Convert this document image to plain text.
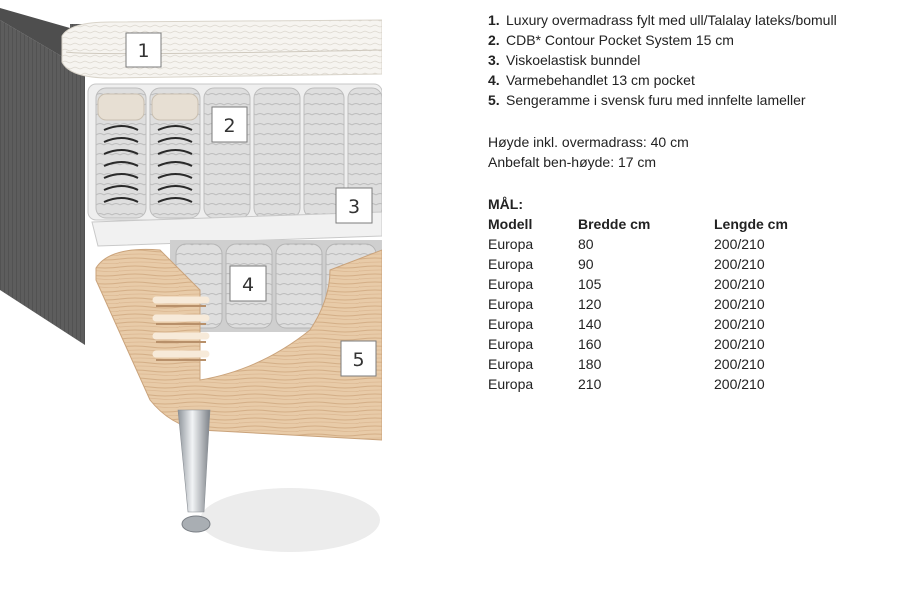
1
2
3
4
5
1. Luxury overmadrass fylt med ull/Talalay lateks/bomull
2. CDB* Contour Pocket System 15 cm
3. Viskoelastisk bunndel
4. Varmebehandlet 13 cm pocket
5. Sengeramme i svensk furu med innfelte lameller

Høyde inkl. overmadrass: 40 cm

Anbefalt ben-høyde: 17 cm

MÅL:
Modell	Bredde cm	Lengde cm
Europa	80	200/210
Europa	90	200/210
Europa	105	200/210
Europa	120	200/210
Europa	140	200/210
Europa	160	200/210
Europa	180	200/210
Europa	210	200/210
